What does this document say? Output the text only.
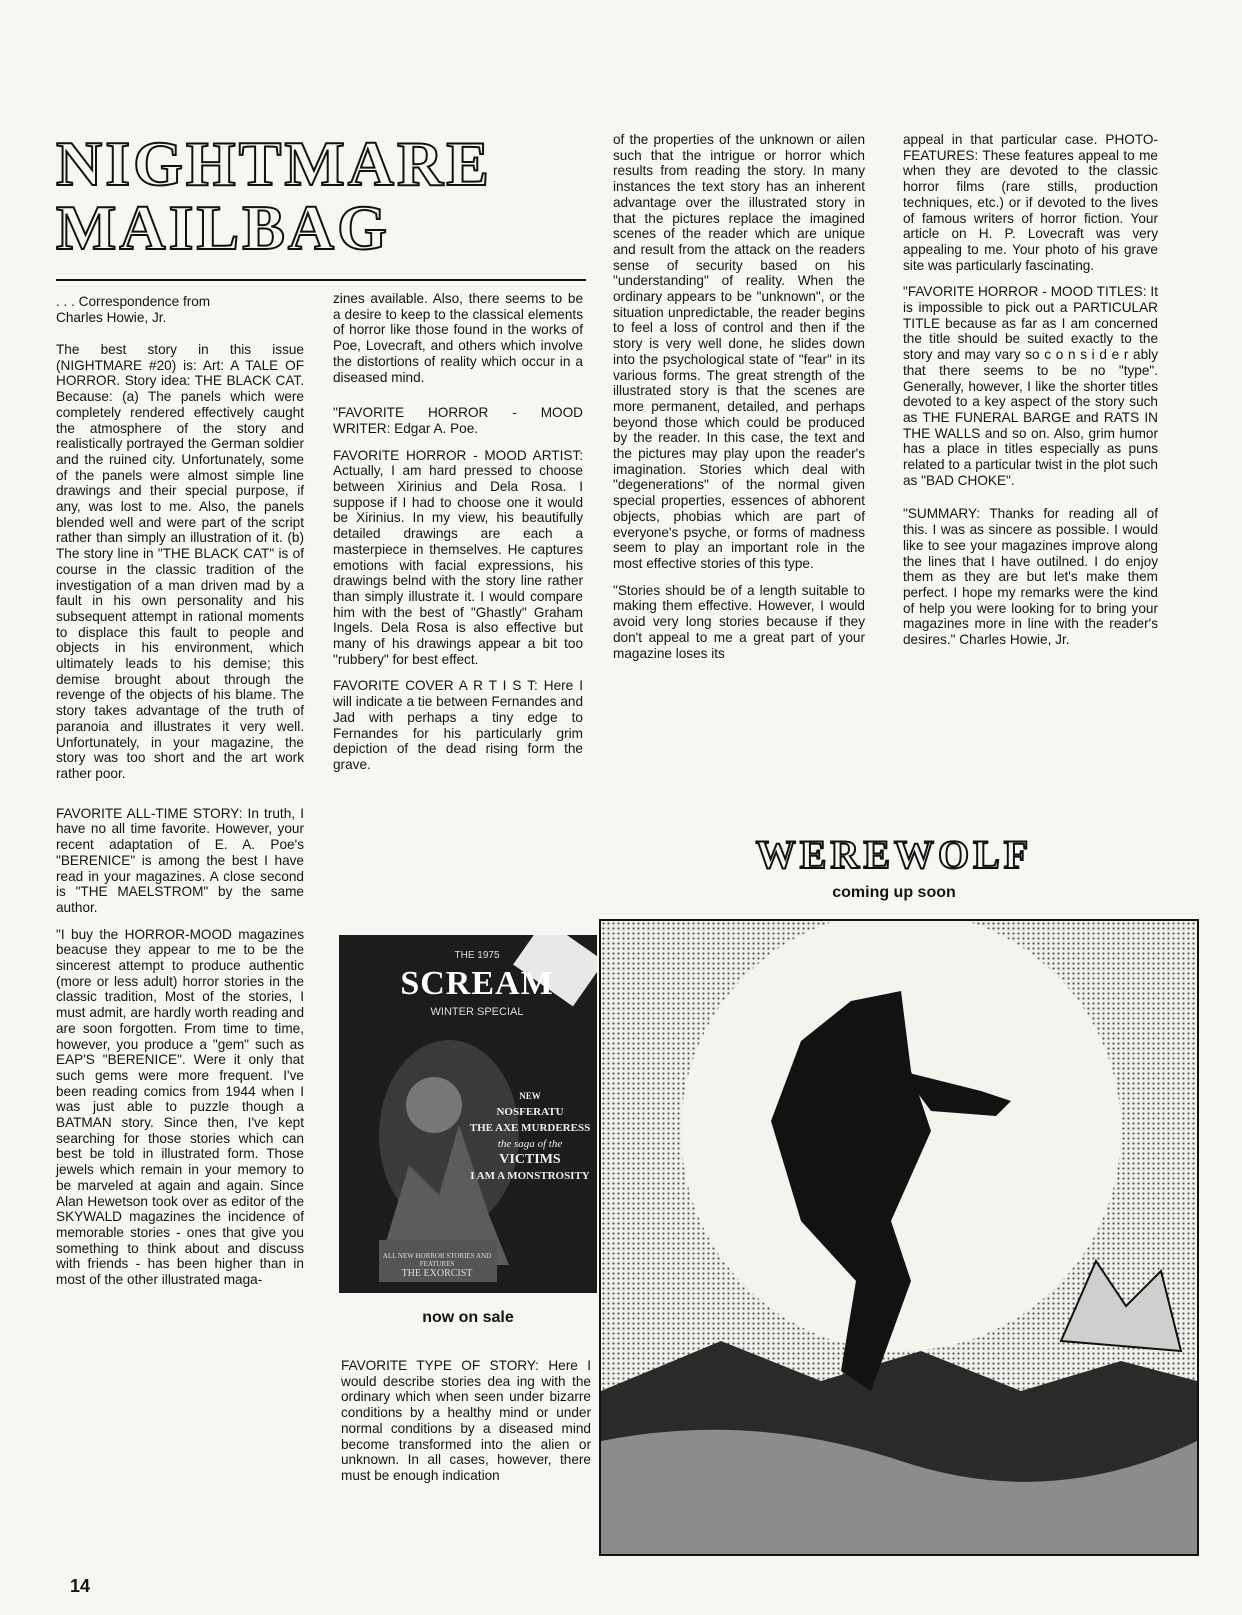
NIGHTMARE MAILBAG
. . . Correspondence from
Charles Howie, Jr.

The best story in this issue (NIGHTMARE #20) is: Art: A TALE OF HORROR. Story idea: THE BLACK CAT. Because: (a) The panels which were completely rendered effectively caught the atmosphere of the story and realistically portrayed the German soldier and the ruined city. Unfortunately, some of the panels were almost simple line drawings and their special purpose, if any, was lost to me. Also, the panels blended well and were part of the script rather than simply an illustration of it. (b) The story line in "THE BLACK CAT" is of course in the classic tradition of the investigation of a man driven mad by a fault in his own personality and his subsequent attempt in rational moments to displace this fault to people and objects in his environment, which ultimately leads to his demise; this demise brought about through the revenge of the objects of his blame. The story takes advantage of the truth of paranoia and illustrates it very well. Unfortunately, in your magazine, the story was too short and the art work rather poor.

FAVORITE ALL-TIME STORY: In truth, I have no all time favorite. However, your recent adaptation of E. A. Poe's "BERENICE" is among the best I have read in your magazines. A close second is "THE MAELSTROM" by the same author.

"I buy the HORROR-MOOD magazines beacuse they appear to me to be the sincerest attempt to produce authentic (more or less adult) horror stories in the classic tradition, Most of the stories, I must admit, are hardly worth reading and are soon forgotten. From time to time, however, you produce a "gem" such as EAP'S "BERENICE". Were it only that such gems were more frequent. I've been reading comics from 1944 when I was just able to puzzle though a BATMAN story. Since then, I've kept searching for those stories which can best be told in illustrated form. Those jewels which remain in your memory to be marveled at again and again. Since Alan Hewetson took over as editor of the SKYWALD magazines the incidence of memorable stories - ones that give you something to think about and discuss with friends - has been higher than in most of the other illustrated maga-

zines available. Also, there seems to be a desire to keep to the classical elements of horror like those found in the works of Poe, Lovecraft, and others which involve the distortions of reality which occur in a diseased mind.

"FAVORITE HORROR - MOOD WRITER: Edgar A. Poe.

FAVORITE HORROR - MOOD ARTIST: Actually, I am hard pressed to choose between Xirinius and Dela Rosa. I suppose if I had to choose one it would be Xirinius. In my view, his beautifully detailed drawings are each a masterpiece in themselves. He captures emotions with facial expressions, his drawings belnd with the story line rather than simply illustrate it. I would compare him with the best of "Ghastly" Graham Ingels. Dela Rosa is also effective but many of his drawings appear a bit too "rubbery" for best effect.

FAVORITE COVER A R T I S T: Here I will indicate a tie between Fernandes and Jad with perhaps a tiny edge to Fernandes for his particularly grim depiction of the dead rising form the grave.

FAVORITE TYPE OF STORY: Here I would describe stories dea ing with the ordinary which when seen under bizarre conditions by a healthy mind or under normal conditions by a diseased mind become transformed into the alien or unknown. In all cases, however, there must be enough indication

of the properties of the unknown or ailen such that the intrigue or horror which results from reading the story. In many instances the text story has an inherent advantage over the illustrated story in that the pictures replace the imagined scenes of the reader which are unique and result from the attack on the readers sense of security based on his "understanding" of reality. When the ordinary appears to be "unknown", or the situation unpredictable, the reader begins to feel a loss of control and then if the story is very well done, he slides down into the psychological state of "fear" in its various forms. The great strength of the illustrated story is that the scenes are more permanent, detailed, and perhaps beyond those which could be produced by the reader. In this case, the text and the pictures may play upon the reader's imagination. Stories which deal with "degenerations" of the normal given special properties, essences of abhorent objects, phobias which are part of everyone's psyche, or forms of madness seem to play an important role in the most effective stories of this type.

"Stories should be of a length suitable to making them effective. However, I would avoid very long stories because if they don't appeal to me a great part of your magazine loses its

appeal in that particular case. PHOTO-FEATURES: These features appeal to me when they are devoted to the classic horror films (rare stills, production techniques, etc.) or if devoted to the lives of famous writers of horror fiction. Your article on H. P. Lovecraft was very appealing to me. Your photo of his grave site was particularly fascinating.

"FAVORITE HORROR - MOOD TITLES: It is impossible to pick out a PARTICULAR TITLE because as far as I am concerned the title should be suited exactly to the story and may vary so c o n s i d e r ably that there seems to be no "type". Generally, however, I like the shorter titles devoted to a key aspect of the story such as THE FUNERAL BARGE and RATS IN THE WALLS and so on. Also, grim humor has a place in titles especially as puns related to a particular twist in the plot such as "BAD CHOKE".

"SUMMARY: Thanks for reading all of this. I was as sincere as possible. I would like to see your magazines improve along the lines that I have outilned. I do enjoy them as they are but let's make them perfect. I hope my remarks were the kind of help you were looking for to bring your magazines more in line with the reader's desires." Charles Howie, Jr.

WEREWOLF
coming up soon
THE 1975
SCREAM
WINTER SPECIAL
NEW
NOSFERATU
THE AXE MURDERESS
the saga of the
VICTIMS
I AM A MONSTROSITY
ALL NEW HORROR STORIES AND FEATURES
THE EXORCIST
now on sale
14
